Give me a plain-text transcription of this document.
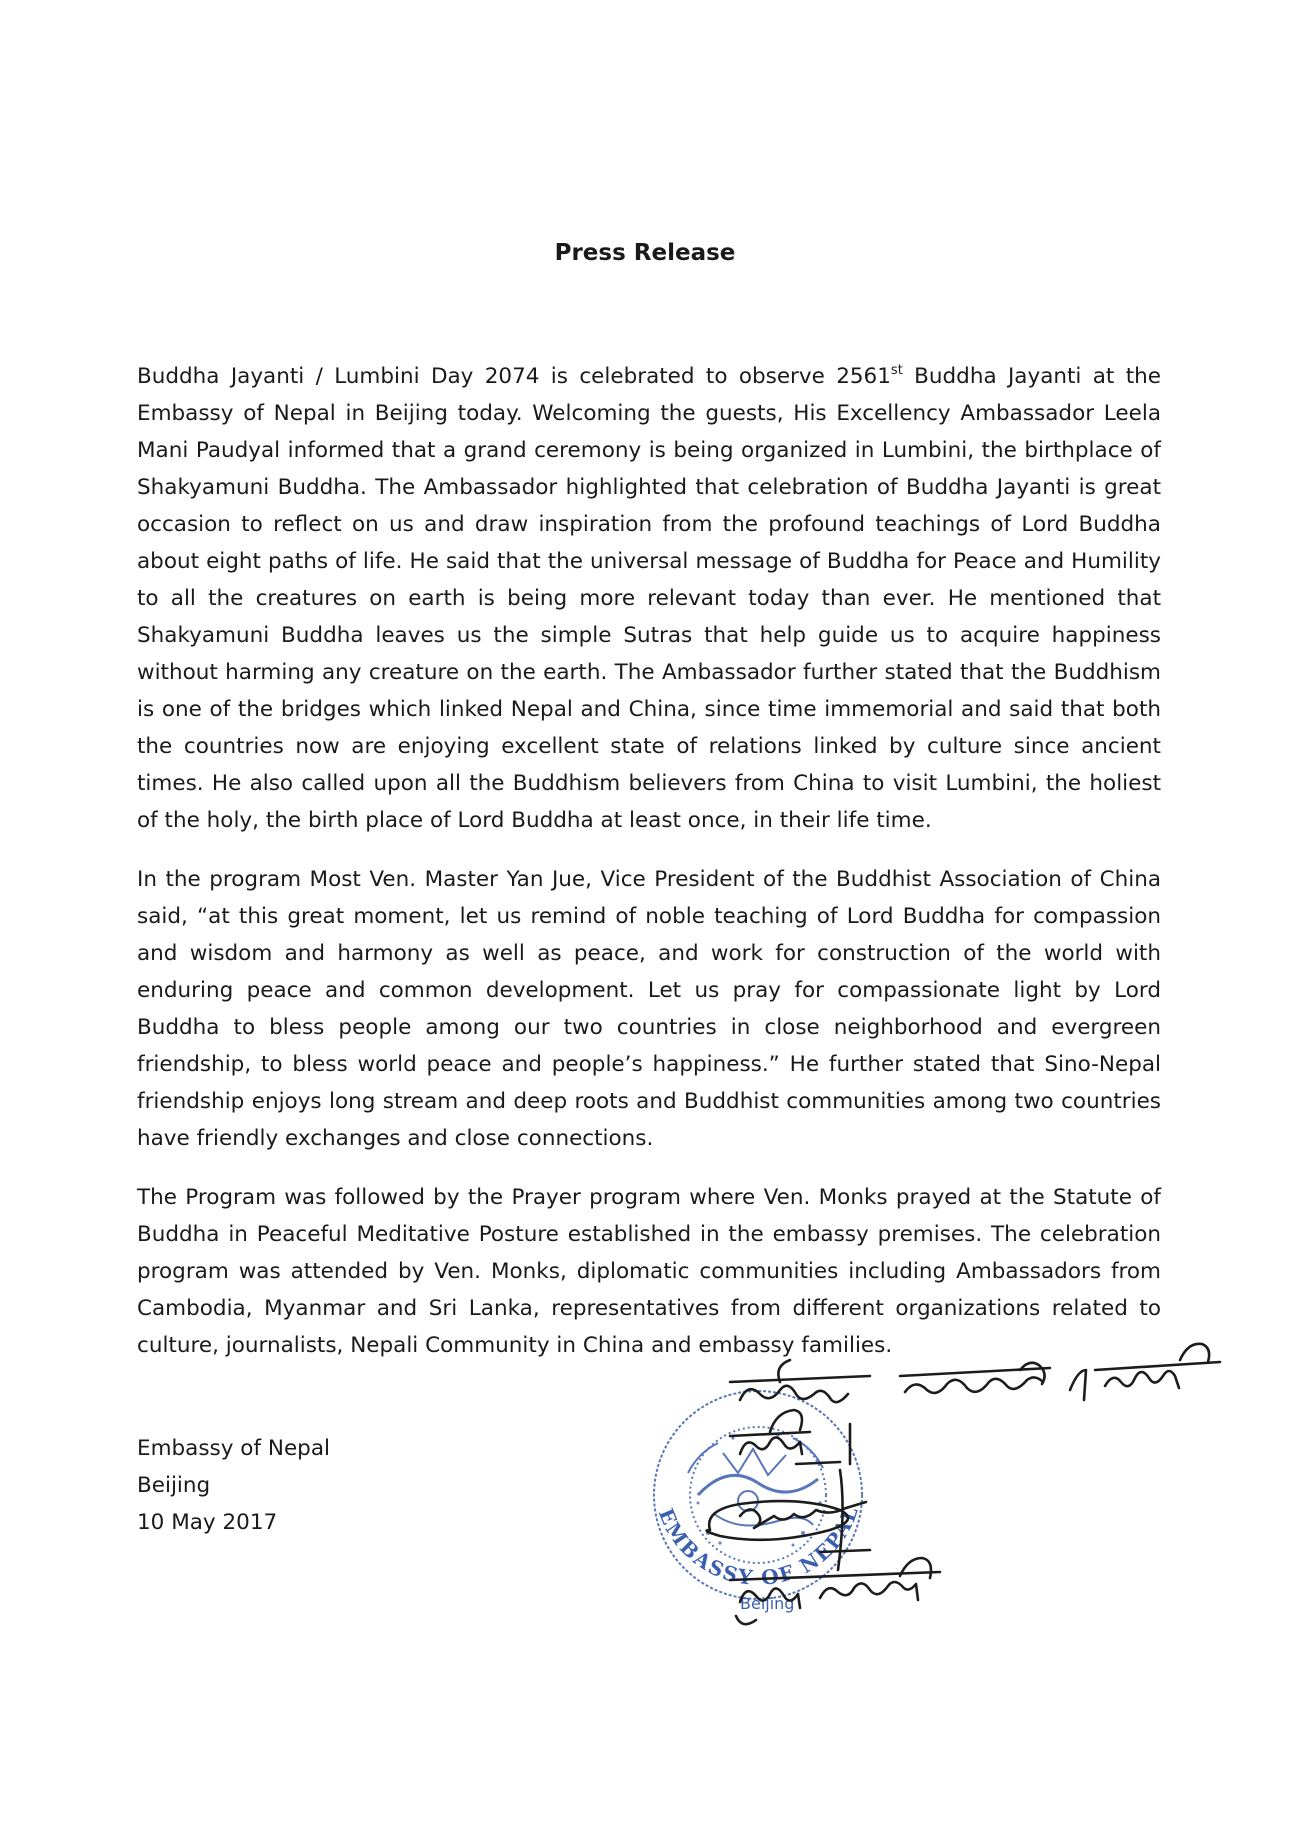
Press Release

Buddha Jayanti / Lumbini Day 2074 is celebrated to observe 2561st Buddha Jayanti at the Embassy of Nepal in Beijing today. Welcoming the guests, His Excellency Ambassador Leela Mani Paudyal informed that a grand ceremony is being organized in Lumbini, the birthplace of Shakyamuni Buddha. The Ambassador highlighted that celebration of Buddha Jayanti is great occasion to reflect on us and draw inspiration from the profound teachings of Lord Buddha about eight paths of life. He said that the universal message of Buddha for Peace and Humility to all the creatures on earth is being more relevant today than ever. He mentioned that Shakyamuni Buddha leaves us the simple Sutras that help guide us to acquire happiness without harming any creature on the earth. The Ambassador further stated that the Buddhism is one of the bridges which linked Nepal and China, since time immemorial and said that both the countries now are enjoying excellent state of relations linked by culture since ancient times. He also called upon all the Buddhism believers from China to visit Lumbini, the holiest of the holy, the birth place of Lord Buddha at least once, in their life time.

In the program Most Ven. Master Yan Jue, Vice President of the Buddhist Association of China said, “at this great moment, let us remind of noble teaching of Lord Buddha for compassion and wisdom and harmony as well as peace, and work for construction of the world with enduring peace and common development. Let us pray for compassionate light by Lord Buddha to bless people among our two countries in close neighborhood and evergreen friendship, to bless world peace and people’s happiness.” He further stated that Sino-Nepal friendship enjoys long stream and deep roots and Buddhist communities among two countries have friendly exchanges and close connections.

The Program was followed by the Prayer program where Ven. Monks prayed at the Statute of Buddha in Peaceful Meditative Posture established in the embassy premises. The celebration program was attended by Ven. Monks, diplomatic communities including Ambassadors from Cambodia, Myanmar and Sri Lanka, representatives from different organizations related to culture, journalists, Nepali Community in China and embassy families.

Embassy of Nepal
Beijing
10 May 2017	EMBASSY OF NEPAL
Beijing
